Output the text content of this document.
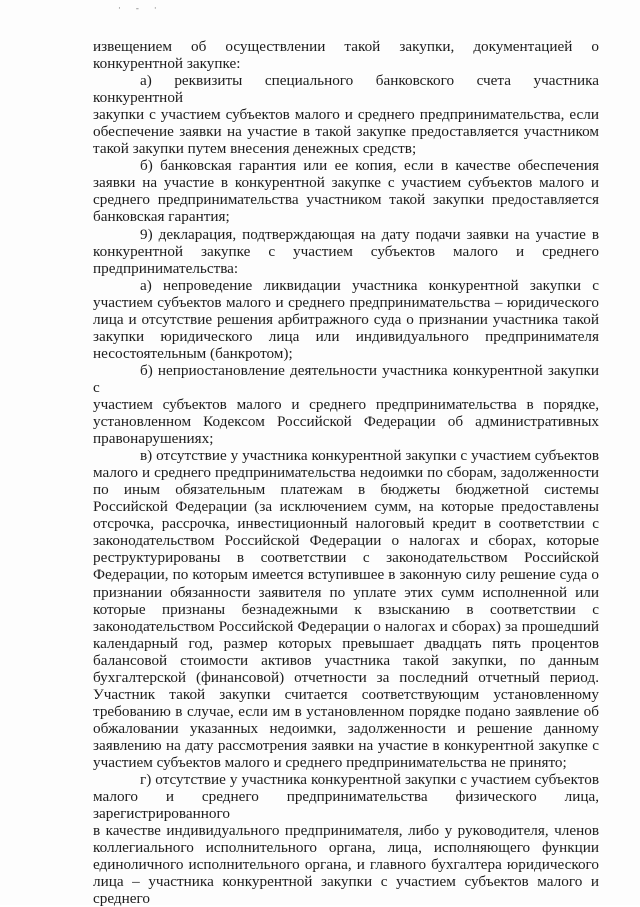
· - ·

извещением об осуществлении такой закупки, документацией о

конкурентной закупке:

а) реквизиты специального банковского счета участника конкурентной

закупки с участием субъектов малого и среднего предпринимательства, если

обеспечение заявки на участие в такой закупке предоставляется участником

такой закупки путем внесения денежных средств;

б) банковская гарантия или ее копия, если в качестве обеспечения

заявки на участие в конкурентной закупке с участием субъектов малого и

среднего предпринимательства участником такой закупки предоставляется

банковская гарантия;

9) декларация, подтверждающая на дату подачи заявки на участие в

конкурентной закупке с участием субъектов малого и среднего

предпринимательства:

а) непроведение ликвидации участника конкурентной закупки с

участием субъектов малого и среднего предпринимательства – юридического

лица и отсутствие решения арбитражного суда о признании участника такой

закупки юридического лица или индивидуального предпринимателя

несостоятельным (банкротом);

б) неприостановление деятельности участника конкурентной закупки с

участием субъектов малого и среднего предпринимательства в порядке,

установленном Кодексом Российской Федерации об административных

правонарушениях;

в) отсутствие у участника конкурентной закупки с участием субъектов

малого и среднего предпринимательства недоимки по сборам, задолженности

по иным обязательным платежам в бюджеты бюджетной системы

Российской Федерации (за исключением сумм, на которые предоставлены

отсрочка, рассрочка, инвестиционный налоговый кредит в соответствии с

законодательством Российской Федерации о налогах и сборах, которые

реструктурированы в соответствии с законодательством Российской

Федерации, по которым имеется вступившее в законную силу решение суда о

признании обязанности заявителя по уплате этих сумм исполненной или

которые признаны безнадежными к взысканию в соответствии с

законодательством Российской Федерации о налогах и сборах) за прошедший

календарный год, размер которых превышает двадцать пять процентов

балансовой стоимости активов участника такой закупки, по данным

бухгалтерской (финансовой) отчетности за последний отчетный период.

Участник такой закупки считается соответствующим установленному

требованию в случае, если им в установленном порядке подано заявление об

обжаловании указанных недоимки, задолженности и решение данному

заявлению на дату рассмотрения заявки на участие в конкурентной закупке с

участием субъектов малого и среднего предпринимательства не принято;

г) отсутствие у участника конкурентной закупки с участием субъектов

малого и среднего предпринимательства физического лица, зарегистрированного

в качестве индивидуального предпринимателя, либо у руководителя, членов

коллегиального исполнительного органа, лица, исполняющего функции

единоличного исполнительного органа, и главного бухгалтера юридического

лица – участника конкурентной закупки с участием субъектов малого и среднего
